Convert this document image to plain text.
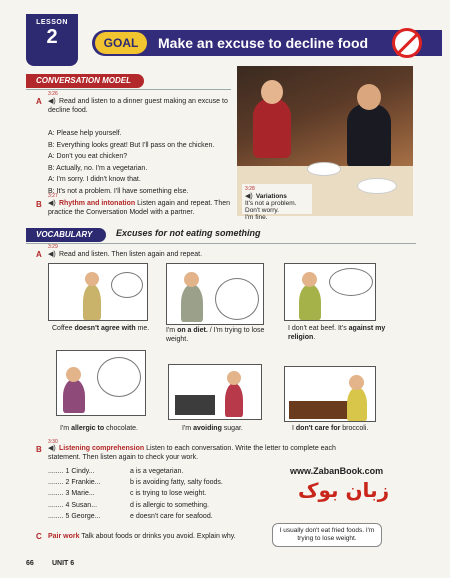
LESSON
2	GOAL	Make an excuse to decline food
CONVERSATION MODEL
A
3:26
◀) Read and listen to a dinner guest making an excuse to decline food.
A: Please help yourself.
B: Everything looks great! But I'll pass on the chicken.
A: Don't you eat chicken?
B: Actually, no. I'm a vegetarian.
A: I'm sorry. I didn't know that.
B: It's not a problem. I'll have something else.
B
3:27
◀) Rhythm and intonation Listen again and repeat. Then practice the Conversation Model with a partner.
3:28
◀) Variations
It's not a problem.
Don't worry.
I'm fine.
VOCABULARY	Excuses for not eating something
A
3:29
◀) Read and listen. Then listen again and repeat.
Coffee doesn't agree with me.	I'm on a diet. / I'm trying to lose weight.
I don't eat beef. It's against my religion.
I'm allergic to chocolate.	I'm avoiding sugar.	I don't care for broccoli.
B
3:30
◀) Listening comprehension Listen to each conversation. Write the letter to complete each statement. Then listen again to check your work.
........ 1 Cindy...	a is a vegetarian.
........ 2 Frankie...	b is avoiding fatty, salty foods.
........ 3 Marie...	c is trying to lose weight.
........ 4 Susan...	d is allergic to something.
........ 5 George...	e doesn't care for seafood.
www.ZabanBook.com
زبان بوک
C Pair work Talk about foods or drinks you avoid. Explain why.
I usually don't eat fried foods. I'm trying to lose weight.
66	UNIT 6
